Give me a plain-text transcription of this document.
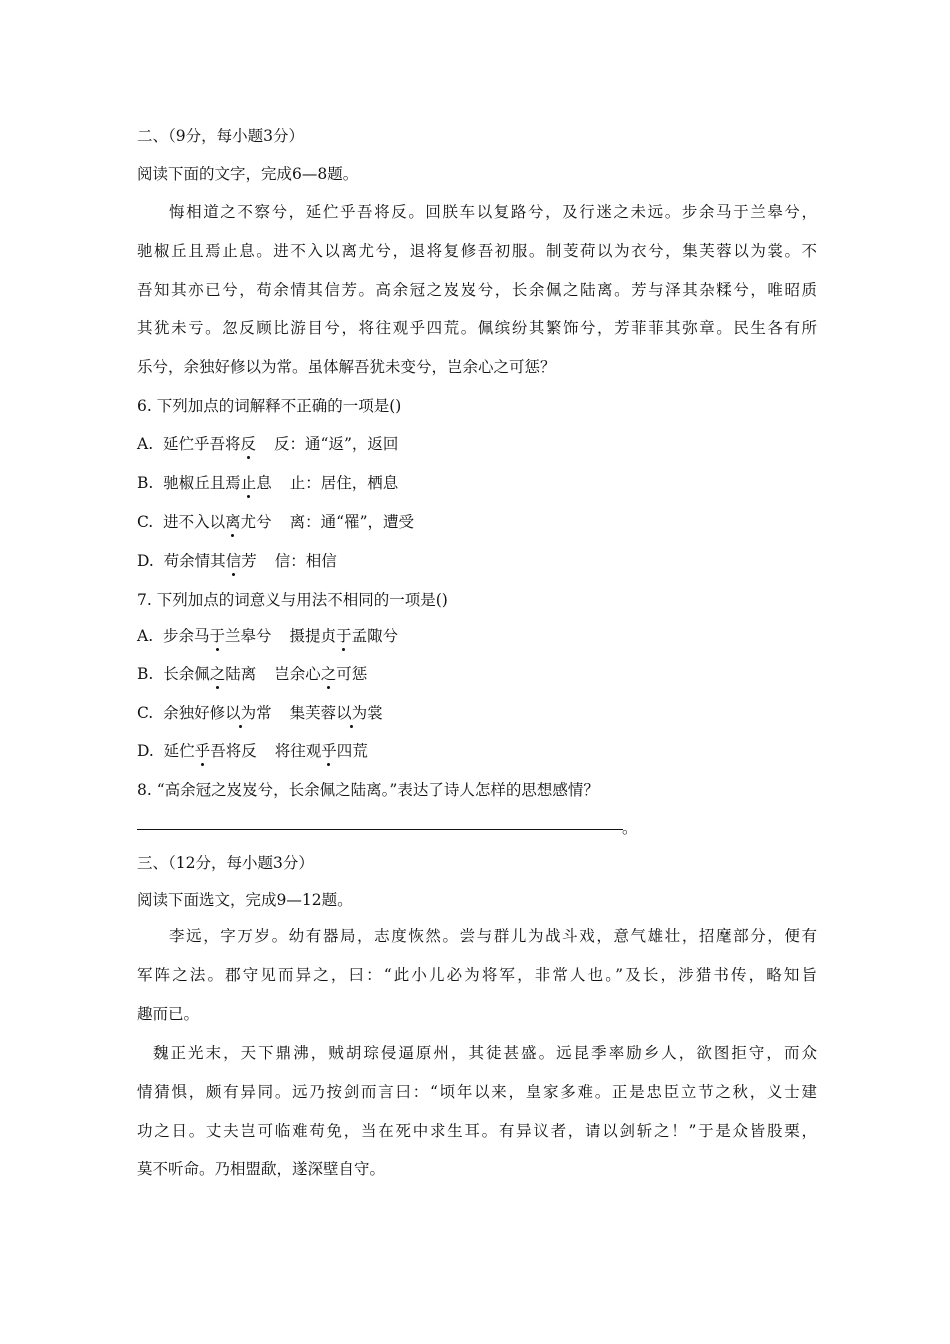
二、（9分，每小题3分）
阅读下面的文字，完成6—8题。
悔相道之不察兮，延伫乎吾将反。回朕车以复路兮，及行迷之未远。步余马于兰皋兮，
驰椒丘且焉止息。进不入以离尤兮，退将复修吾初服。制芰荷以为衣兮，集芙蓉以为裳。不
吾知其亦已兮，苟余情其信芳。高余冠之岌岌兮，长余佩之陆离。芳与泽其杂糅兮，唯昭质
其犹未亏。忽反顾比游目兮，将往观乎四荒。佩缤纷其繁饰兮，芳菲菲其弥章。民生各有所
乐兮，余独好修以为常。虽体解吾犹未变兮，岂余心之可惩？
6. 下列加点的词解释不正确的一项是()
A. 延伫乎吾将反 反：通“返”，返回
B. 驰椒丘且焉止息 止：居住，栖息
C. 进不入以离尤兮 离：通“罹”，遭受
D. 苟余情其信芳 信：相信
7. 下列加点的词意义与用法不相同的一项是()
A. 步余马于兰皋兮 摄提贞于孟陬兮
B. 长余佩之陆离 岂余心之可惩
C. 余独好修以为常 集芙蓉以为裳
D. 延伫乎吾将反 将往观乎四荒
8. “高余冠之岌岌兮，长余佩之陆离。”表达了诗人怎样的思想感情？
。
三、（12分，每小题3分）
阅读下面选文，完成9—12题。
李远，字万岁。幼有器局，志度恢然。尝与群儿为战斗戏，意气雄壮，招麾部分，便有
军阵之法。郡守见而异之，曰：“此小儿必为将军，非常人也。”及长，涉猎书传，略知旨
趣而已。
魏正光末，天下鼎沸，贼胡琮侵逼原州，其徒甚盛。远昆季率励乡人，欲图拒守，而众
情猜惧，颇有异同。远乃按剑而言曰：“顷年以来，皇家多难。正是忠臣立节之秋，义士建
功之日。丈夫岂可临难苟免，当在死中求生耳。有异议者，请以剑斩之！”于是众皆股栗，
莫不听命。乃相盟歃，遂深壁自守。
